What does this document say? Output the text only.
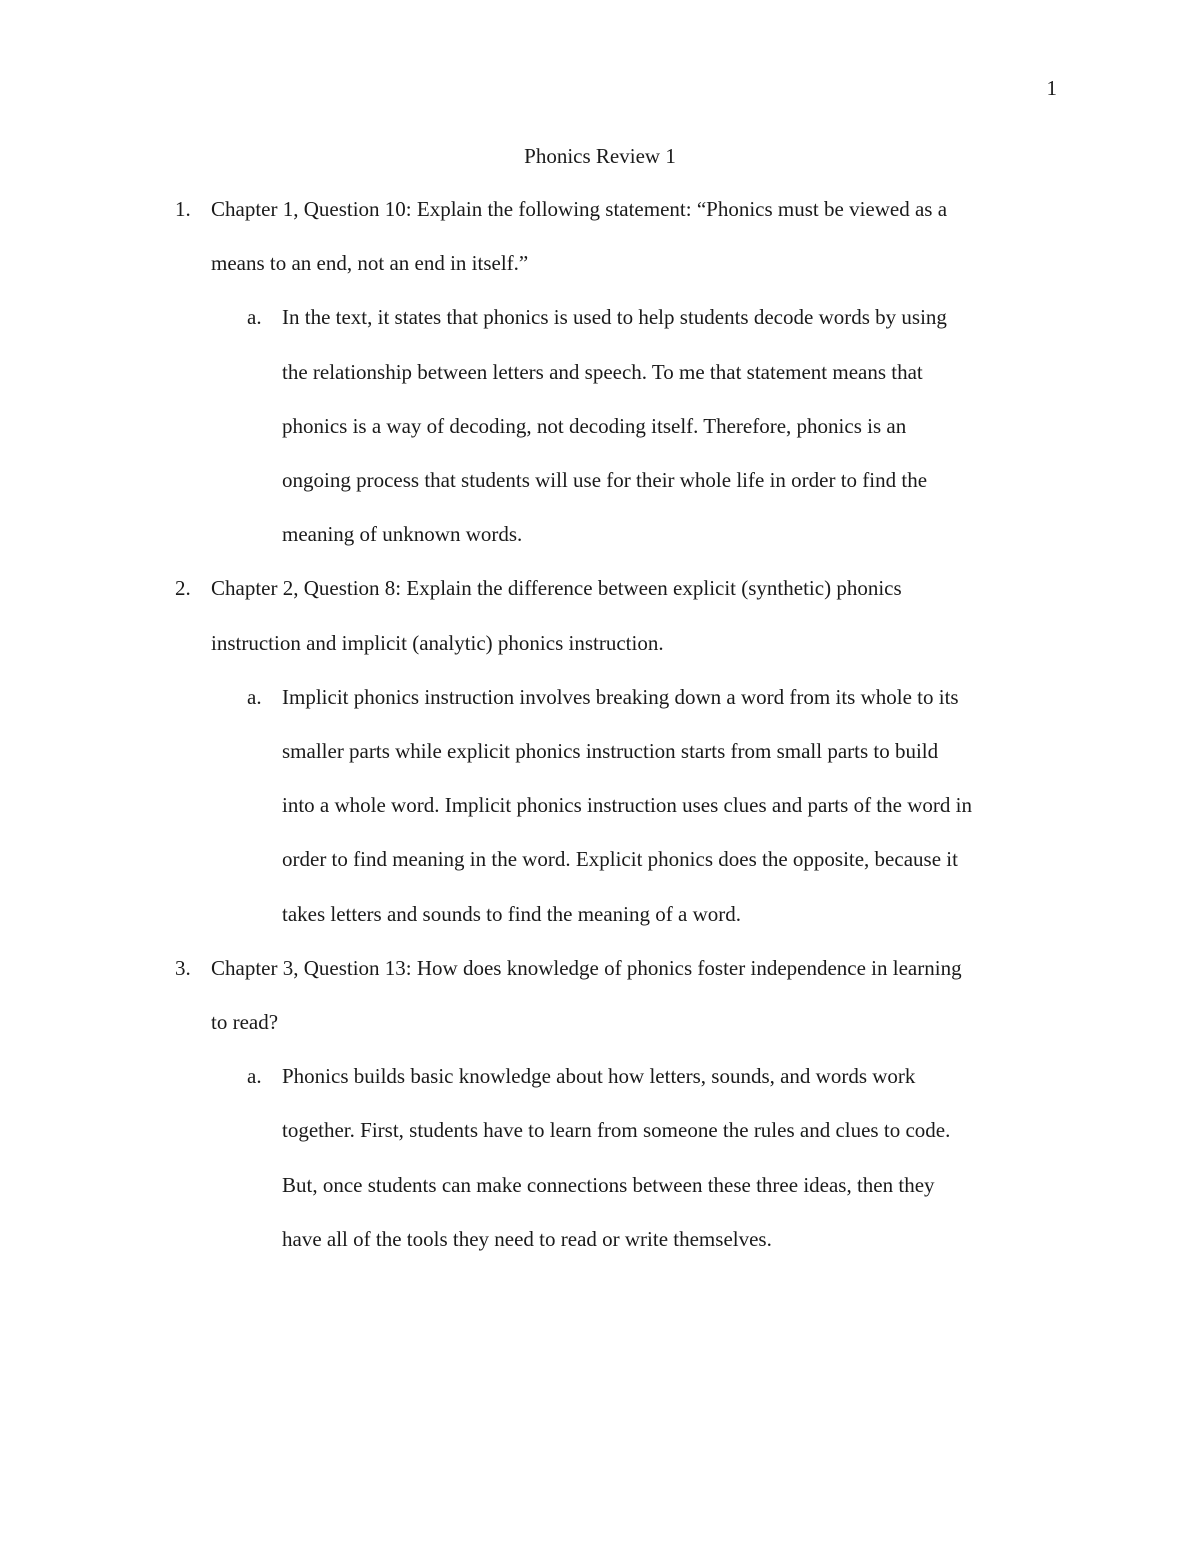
1
Phonics Review 1
1. Chapter 1, Question 10: Explain the following statement: “Phonics must be viewed as a
means to an end, not an end in itself.”
a. In the text, it states that phonics is used to help students decode words by using
the relationship between letters and speech. To me that statement means that
phonics is a way of decoding, not decoding itself. Therefore, phonics is an
ongoing process that students will use for their whole life in order to find the
meaning of unknown words.
2. Chapter 2, Question 8: Explain the difference between explicit (synthetic) phonics
instruction and implicit (analytic) phonics instruction.
a. Implicit phonics instruction involves breaking down a word from its whole to its
smaller parts while explicit phonics instruction starts from small parts to build
into a whole word. Implicit phonics instruction uses clues and parts of the word in
order to find meaning in the word. Explicit phonics does the opposite, because it
takes letters and sounds to find the meaning of a word.
3. Chapter 3, Question 13: How does knowledge of phonics foster independence in learning
to read?
a. Phonics builds basic knowledge about how letters, sounds, and words work
together. First, students have to learn from someone the rules and clues to code.
But, once students can make connections between these three ideas, then they
have all of the tools they need to read or write themselves.
